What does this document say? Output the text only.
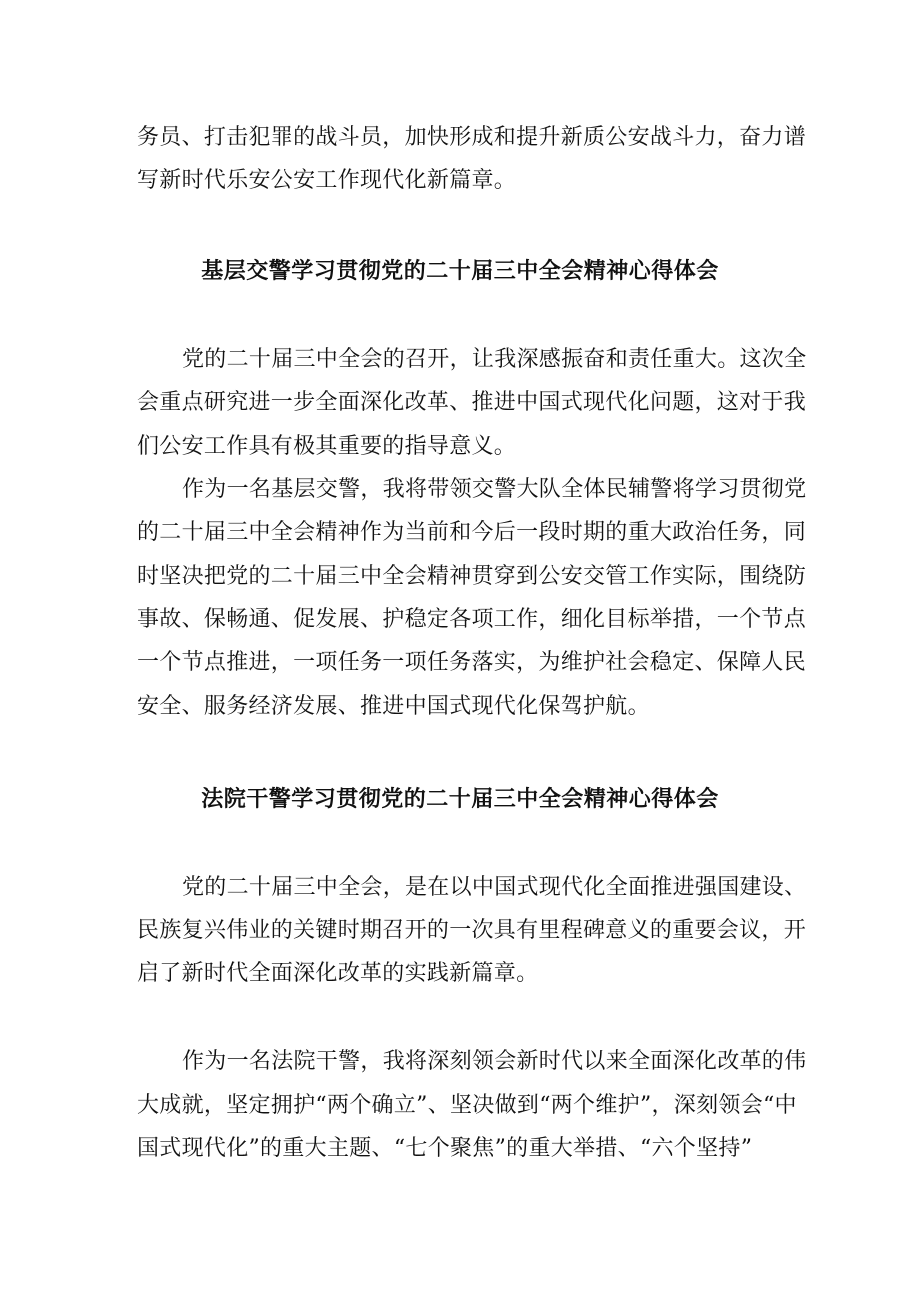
务员、打击犯罪的战斗员，加快形成和提升新质公安战斗力，奋力谱
写新时代乐安公安工作现代化新篇章。
基层交警学习贯彻党的二十届三中全会精神心得体会
党的二十届三中全会的召开，让我深感振奋和责任重大。这次全
会重点研究进一步全面深化改革、推进中国式现代化问题，这对于我
们公安工作具有极其重要的指导意义。
作为一名基层交警，我将带领交警大队全体民辅警将学习贯彻党
的二十届三中全会精神作为当前和今后一段时期的重大政治任务，同
时坚决把党的二十届三中全会精神贯穿到公安交管工作实际，围绕防
事故、保畅通、促发展、护稳定各项工作，细化目标举措，一个节点
一个节点推进，一项任务一项任务落实，为维护社会稳定、保障人民
安全、服务经济发展、推进中国式现代化保驾护航。
法院干警学习贯彻党的二十届三中全会精神心得体会
党的二十届三中全会，是在以中国式现代化全面推进强国建设、
民族复兴伟业的关键时期召开的一次具有里程碑意义的重要会议，开
启了新时代全面深化改革的实践新篇章。
作为一名法院干警，我将深刻领会新时代以来全面深化改革的伟
大成就，坚定拥护“两个确立”、坚决做到“两个维护”，深刻领会“中
国式现代化”的重大主题、“七个聚焦”的重大举措、“六个坚持”
